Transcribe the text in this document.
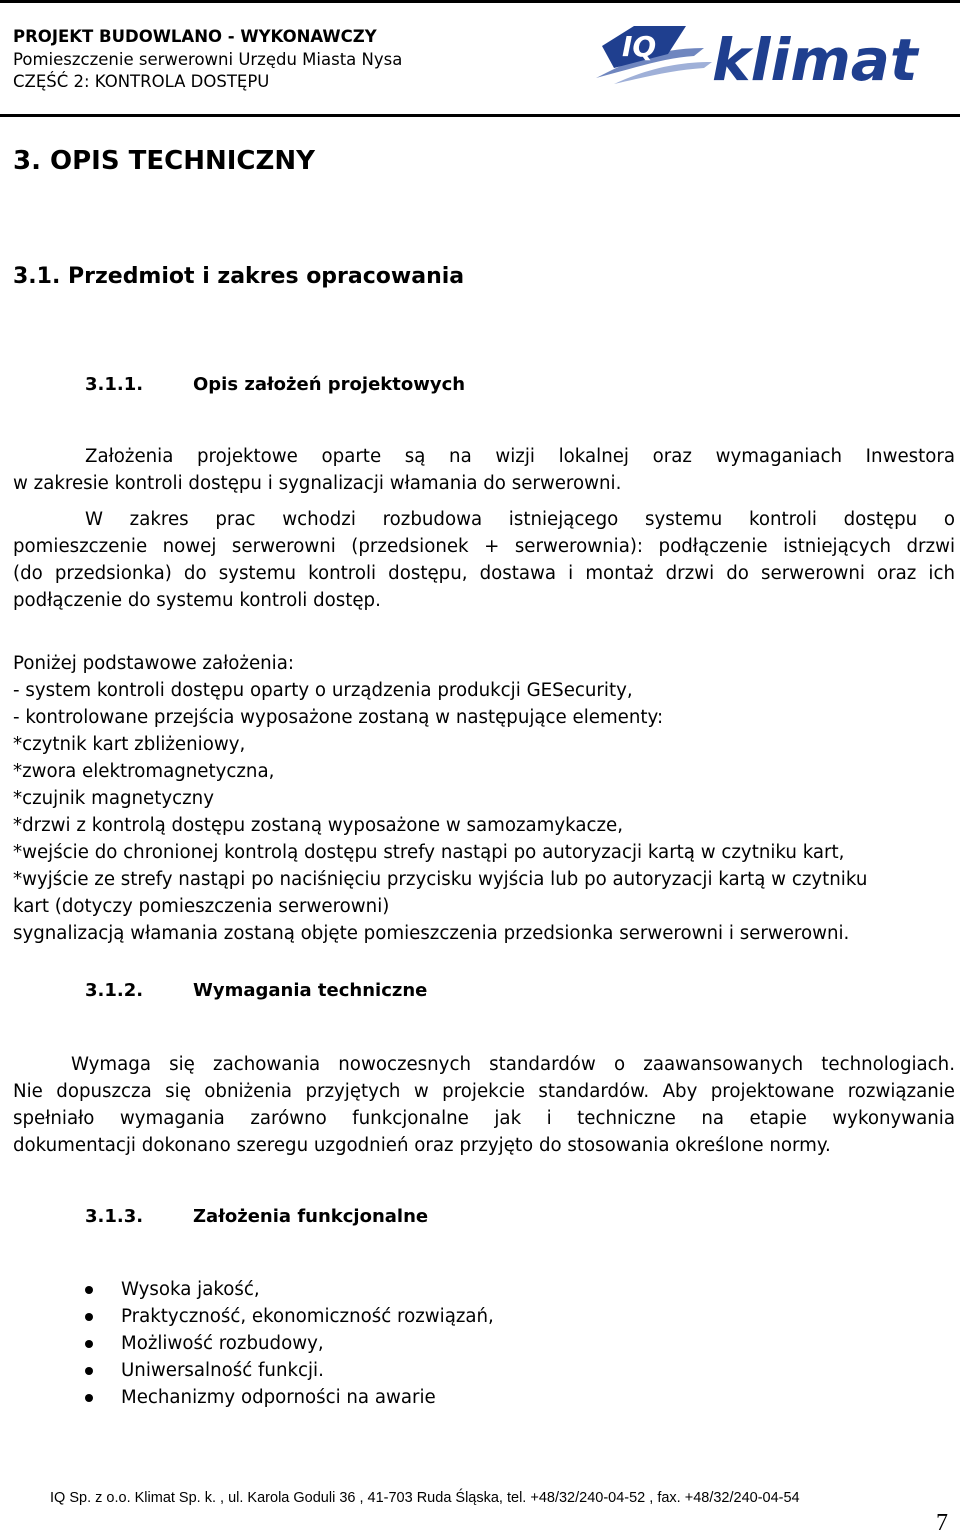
PROJEKT BUDOWLANO - WYKONAWCZY
Pomieszczenie serwerowni Urzędu Miasta Nysa
CZĘŚĆ 2: KONTROLA DOSTĘPU
IQ klimat
3. OPIS TECHNICZNY
3.1. Przedmiot i zakres opracowania
3.1.1.	Opis założeń projektowych
Założenia projektowe oparte są na wizji lokalnej oraz wymaganiach Inwestora
w zakresie kontroli dostępu i sygnalizacji włamania do serwerowni.
W zakres prac wchodzi rozbudowa istniejącego systemu kontroli dostępu o
pomieszczenie nowej serwerowni (przedsionek + serwerownia): podłączenie istniejących drzwi
(do przedsionka) do systemu kontroli dostępu, dostawa i montaż drzwi do serwerowni oraz ich
podłączenie do systemu kontroli dostęp.
Poniżej podstawowe założenia:
- system kontroli dostępu oparty o urządzenia produkcji GESecurity,
- kontrolowane przejścia wyposażone zostaną w następujące elementy:
*czytnik kart zbliżeniowy,
*zwora elektromagnetyczna,
*czujnik magnetyczny
*drzwi z kontrolą dostępu zostaną wyposażone w samozamykacze,
*wejście do chronionej kontrolą dostępu strefy nastąpi po autoryzacji kartą w czytniku kart,
*wyjście ze strefy nastąpi po naciśnięciu przycisku wyjścia lub po autoryzacji kartą w czytniku
kart (dotyczy pomieszczenia serwerowni)
sygnalizacją włamania zostaną objęte pomieszczenia przedsionka serwerowni i serwerowni.
3.1.2.	Wymagania techniczne
Wymaga się zachowania nowoczesnych standardów o zaawansowanych technologiach.
Nie dopuszcza się obniżenia przyjętych w projekcie standardów. Aby projektowane rozwiązanie
spełniało wymagania zarówno funkcjonalne jak i techniczne na etapie wykonywania
dokumentacji dokonano szeregu uzgodnień oraz przyjęto do stosowania określone normy.
3.1.3.	Założenia funkcjonalne
Wysoka jakość,
Praktyczność, ekonomiczność rozwiązań,
Możliwość rozbudowy,
Uniwersalność funkcji.
Mechanizmy odporności na awarie
IQ Sp. z o.o. Klimat Sp. k. , ul. Karola Goduli 36 , 41-703 Ruda Śląska, tel. +48/32/240-04-52 , fax. +48/32/240-04-54
7
